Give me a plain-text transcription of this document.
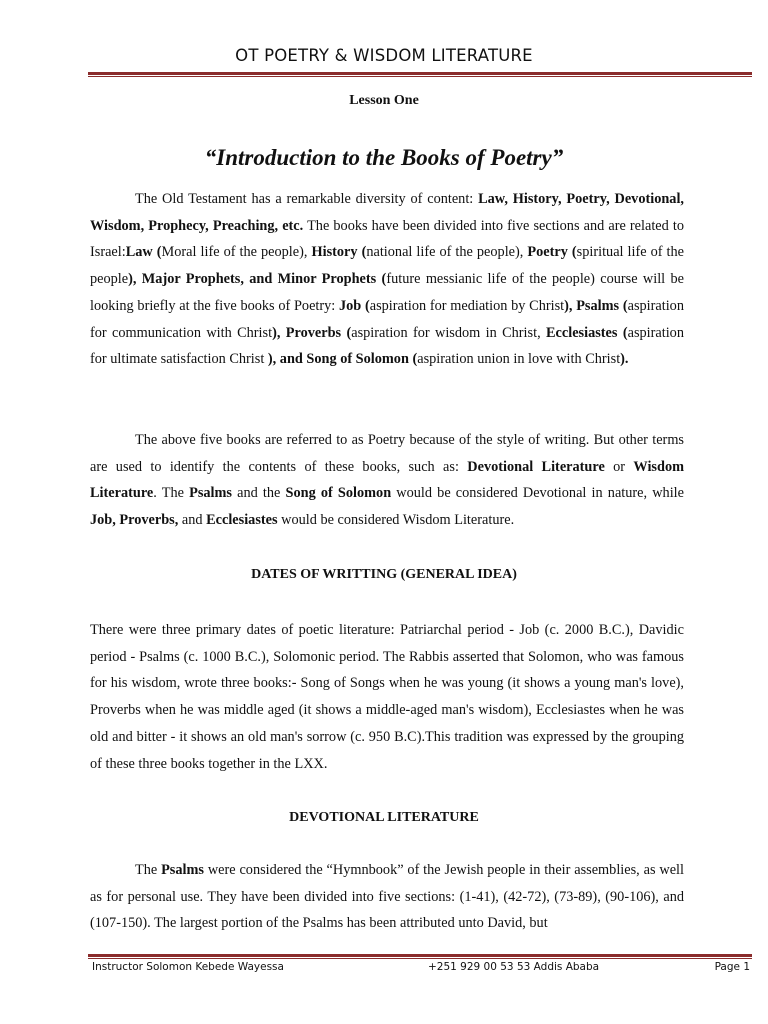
OT POETRY & WISDOM LITERATURE
Lesson One
“Introduction to the Books of Poetry”

The Old Testament has a remarkable diversity of content: Law, History, Poetry, Devotional, Wisdom, Prophecy, Preaching, etc. The books have been divided into five sections and are related to Israel:Law (Moral life of the people), History (national life of the people), Poetry (spiritual life of the people), Major Prophets, and Minor Prophets (future messianic life of the people) course will be looking briefly at the five books of Poetry: Job (aspiration for mediation by Christ), Psalms (aspiration for communication with Christ), Proverbs (aspiration for wisdom in Christ, Ecclesiastes (aspiration for ultimate satisfaction Christ ), and Song of Solomon (aspiration union in love with Christ).

The above five books are referred to as Poetry because of the style of writing. But other terms are used to identify the contents of these books, such as: Devotional Literature or Wisdom Literature. The Psalms and the Song of Solomon would be considered Devotional in nature, while Job, Proverbs, and Ecclesiastes would be considered Wisdom Literature.

DATES OF WRITTING (GENERAL IDEA)

There were three primary dates of poetic literature: Patriarchal period - Job (c. 2000 B.C.), Davidic period - Psalms (c. 1000 B.C.), Solomonic period. The Rabbis asserted that Solomon, who was famous for his wisdom, wrote three books:- Song of Songs when he was young (it shows a young man's love), Proverbs when he was middle aged (it shows a middle-aged man's wisdom), Ecclesiastes when he was old and bitter - it shows an old man's sorrow (c. 950 B.C).This tradition was expressed by the grouping of these three books together in the LXX.

DEVOTIONAL LITERATURE

The Psalms were considered the “Hymnbook” of the Jewish people in their assemblies, as well as for personal use. They have been divided into five sections: (1-41), (42-72), (73-89), (90-106), and (107-150). The largest portion of the Psalms has been attributed unto David, but

Instructor Solomon Kebede Wayessa	+251 929 00 53 53 Addis Ababa	Page 1
